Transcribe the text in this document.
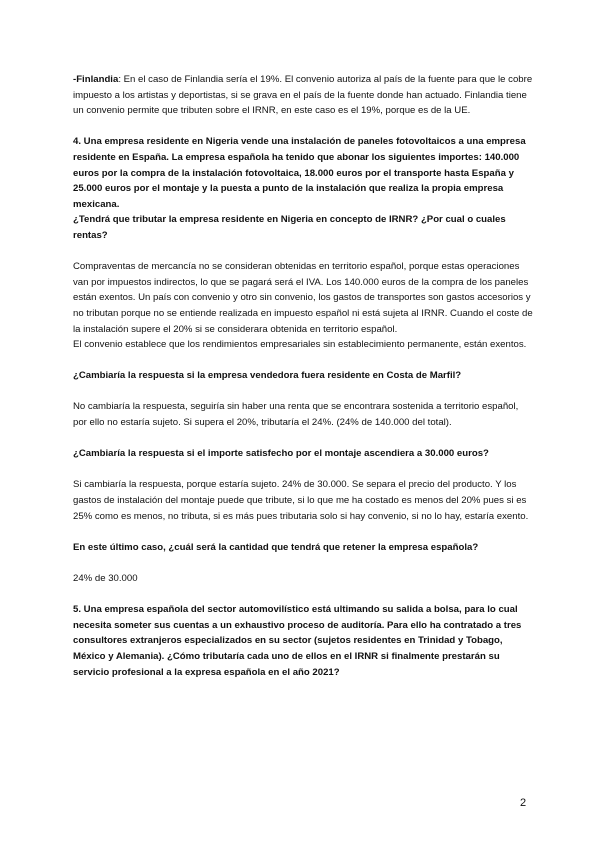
-Finlandia: En el caso de Finlandia sería el 19%. El convenio autoriza al país de la fuente para que le cobre impuesto a los artistas y deportistas, si se grava en el país de la fuente donde han actuado. Finlandia tiene un convenio permite que tributen sobre el IRNR, en este caso es el 19%, porque es de la UE.

4. Una empresa residente en Nigeria vende una instalación de paneles fotovoltaicos a una empresa residente en España. La empresa española ha tenido que abonar los siguientes importes: 140.000 euros por la compra de la instalación fotovoltaica, 18.000 euros por el transporte hasta España y 25.000 euros por el montaje y la puesta a punto de la instalación que realiza la propia empresa mexicana.

¿Tendrá que tributar la empresa residente en Nigeria en concepto de IRNR? ¿Por cual o cuales rentas?

Compraventas de mercancía no se consideran obtenidas en territorio español, porque estas operaciones van por impuestos indirectos, lo que se pagará será el IVA. Los 140.000 euros de la compra de los paneles están exentos. Un país con convenio y otro sin convenio, los gastos de transportes son gastos accesorios y no tributan porque no se entiende realizada en impuesto español ni está sujeta al IRNR. Cuando el coste de la instalación supere el 20% si se considerara obtenida en territorio español.

El convenio establece que los rendimientos empresariales sin establecimiento permanente, están exentos.

¿Cambiaría la respuesta si la empresa vendedora fuera residente en Costa de Marfil?

No cambiaría la respuesta, seguiría sin haber una renta que se encontrara sostenida a territorio español, por ello no estaría sujeto. Si supera el 20%, tributaría el 24%. (24% de 140.000 del total).

¿Cambiaría la respuesta si el importe satisfecho por el montaje ascendiera a 30.000 euros?

Si cambiaría la respuesta, porque estaría sujeto. 24% de 30.000. Se separa el precio del producto. Y los gastos de instalación del montaje puede que tribute, si lo que me ha costado es menos del 20% pues si es 25% como es menos, no tributa, si es más pues tributaria solo si hay convenio, si no lo hay, estaría exento.

En este último caso, ¿cuál será la cantidad que tendrá que retener la empresa española?

24% de 30.000

5. Una empresa española del sector automovilístico está ultimando su salida a bolsa, para lo cual necesita someter sus cuentas a un exhaustivo proceso de auditoría. Para ello ha contratado a tres consultores extranjeros especializados en su sector (sujetos residentes en Trinidad y Tobago, México y Alemania). ¿Cómo tributaría cada uno de ellos en el IRNR si finalmente prestarán su servicio profesional a la expresa española en el año 2021?

2
